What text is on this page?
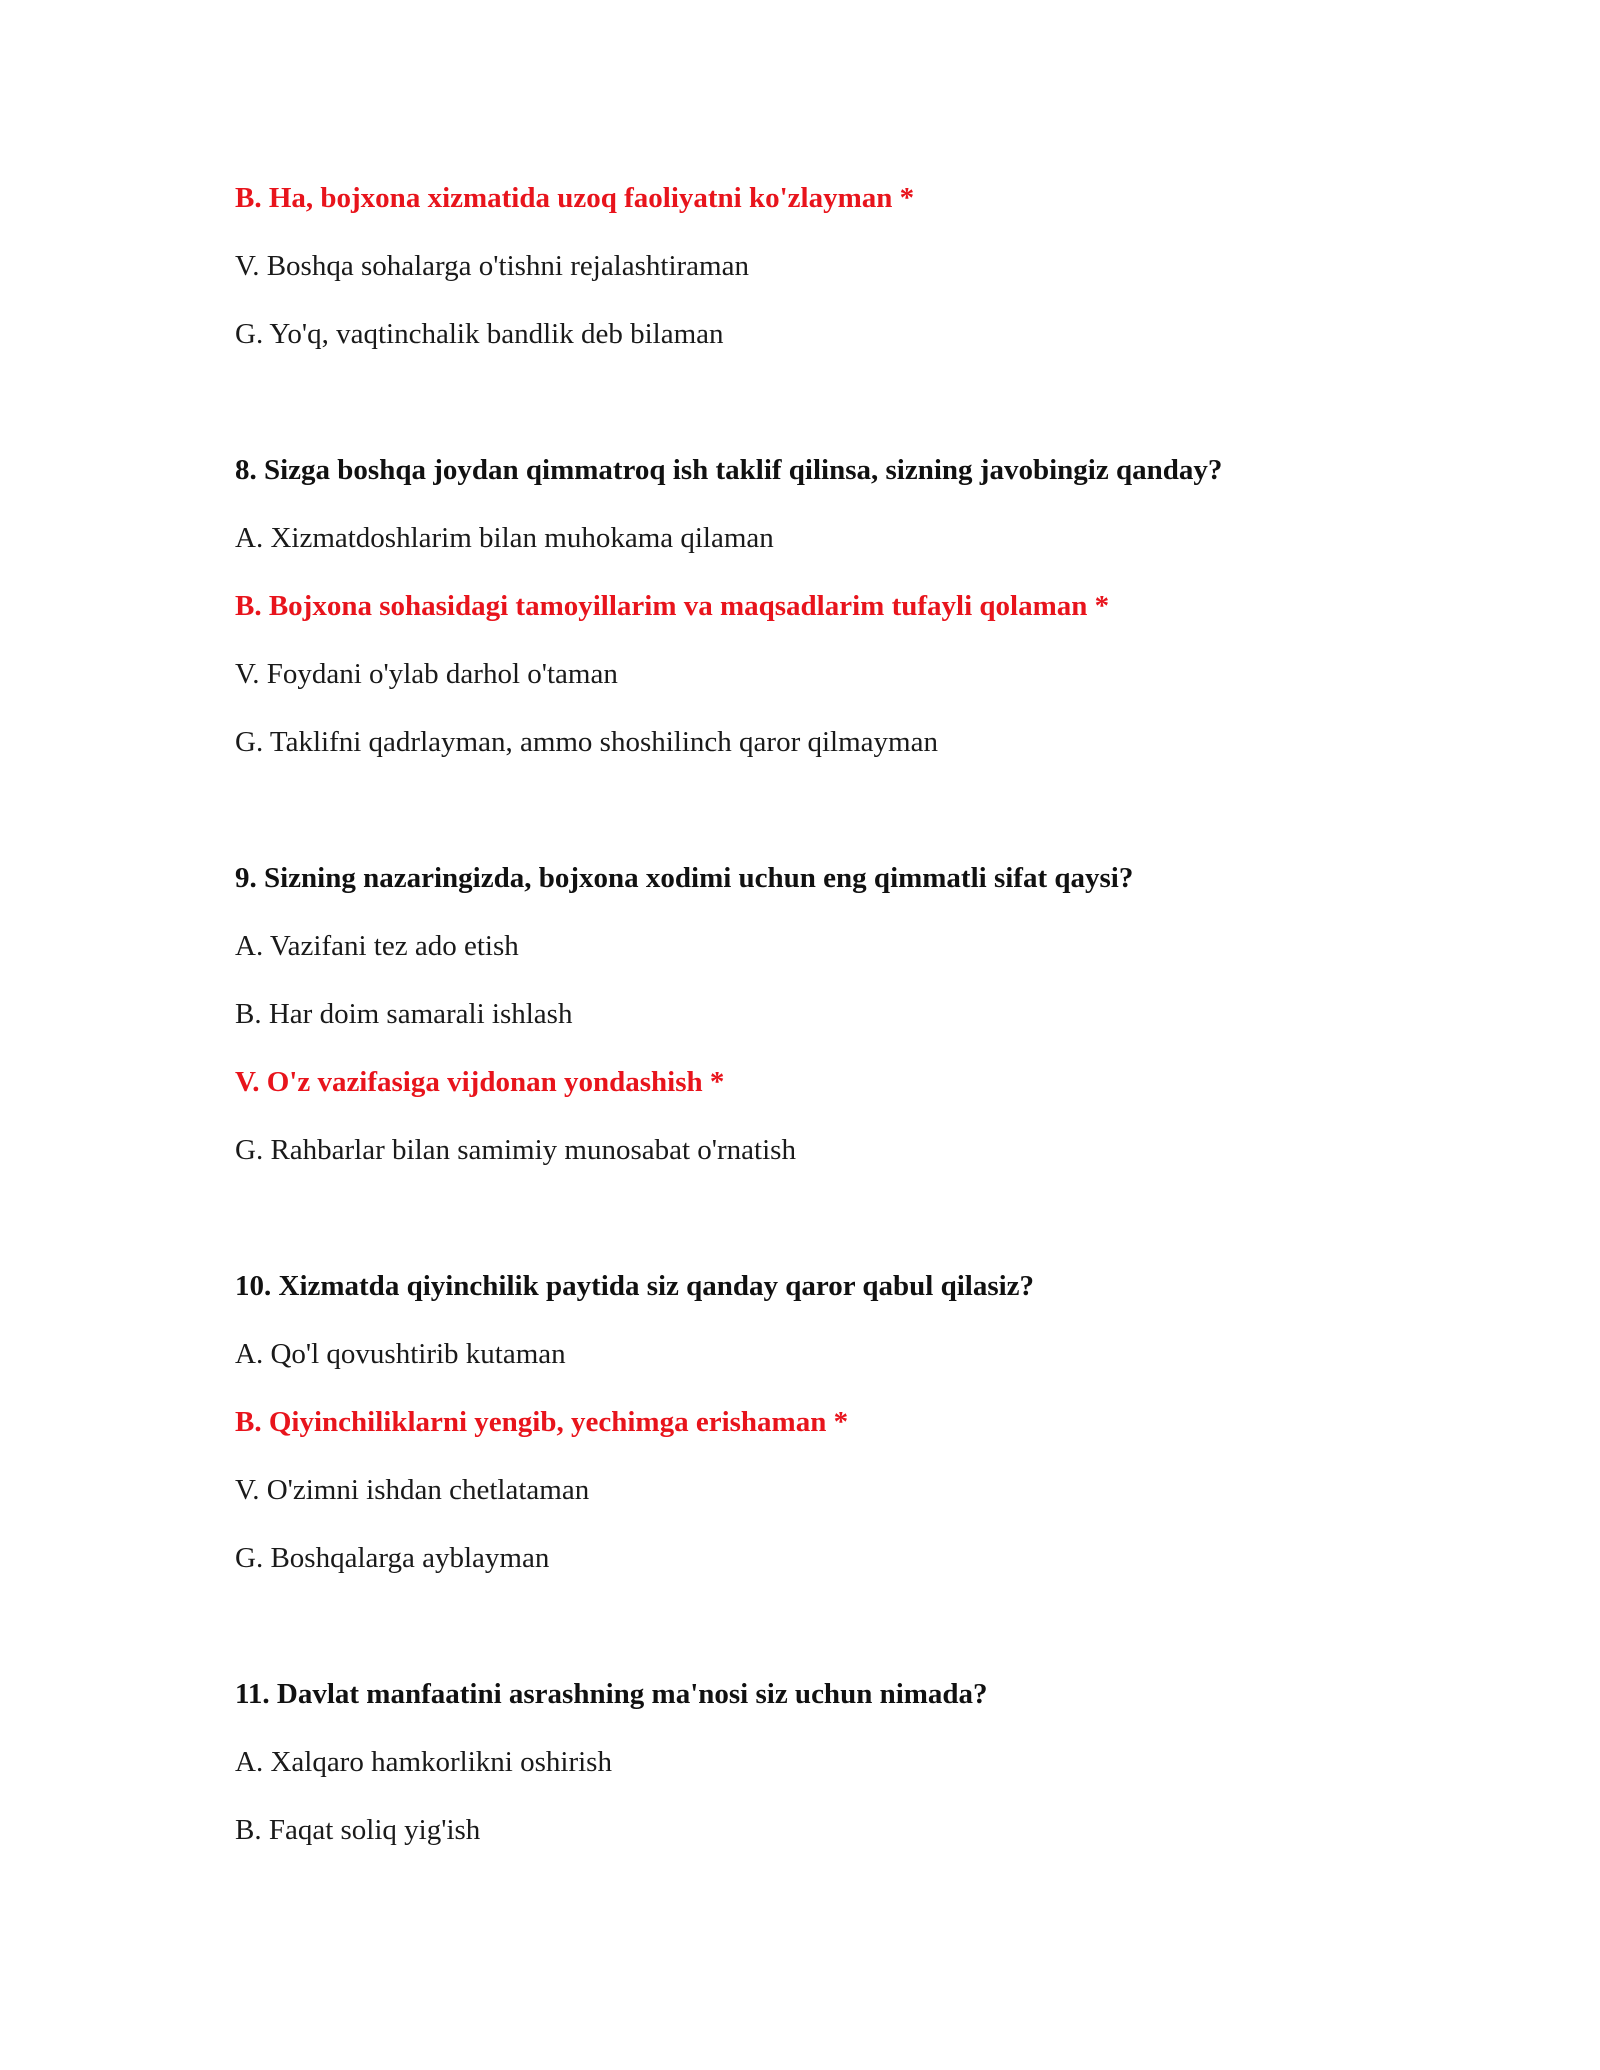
B. Ha, bojxona xizmatida uzoq faoliyatni ko'zlayman *
V. Boshqa sohalarga o'tishni rejalashtiraman
G. Yo'q, vaqtinchalik bandlik deb bilaman
8. Sizga boshqa joydan qimmatroq ish taklif qilinsa, sizning javobingiz qanday?
A. Xizmatdoshlarim bilan muhokama qilaman
B. Bojxona sohasidagi tamoyillarim va maqsadlarim tufayli qolaman *
V. Foydani o'ylab darhol o'taman
G. Taklifni qadrlayman, ammo shoshilinch qaror qilmayman
9. Sizning nazaringizda, bojxona xodimi uchun eng qimmatli sifat qaysi?
A. Vazifani tez ado etish
B. Har doim samarali ishlash
V. O'z vazifasiga vijdonan yondashish *
G. Rahbarlar bilan samimiy munosabat o'rnatish
10. Xizmatda qiyinchilik paytida siz qanday qaror qabul qilasiz?
A. Qo'l qovushtirib kutaman
B. Qiyinchiliklarni yengib, yechimga erishaman *
V. O'zimni ishdan chetlataman
G. Boshqalarga ayblayman
11. Davlat manfaatini asrashning ma'nosi siz uchun nimada?
A. Xalqaro hamkorlikni oshirish
B. Faqat soliq yig'ish
